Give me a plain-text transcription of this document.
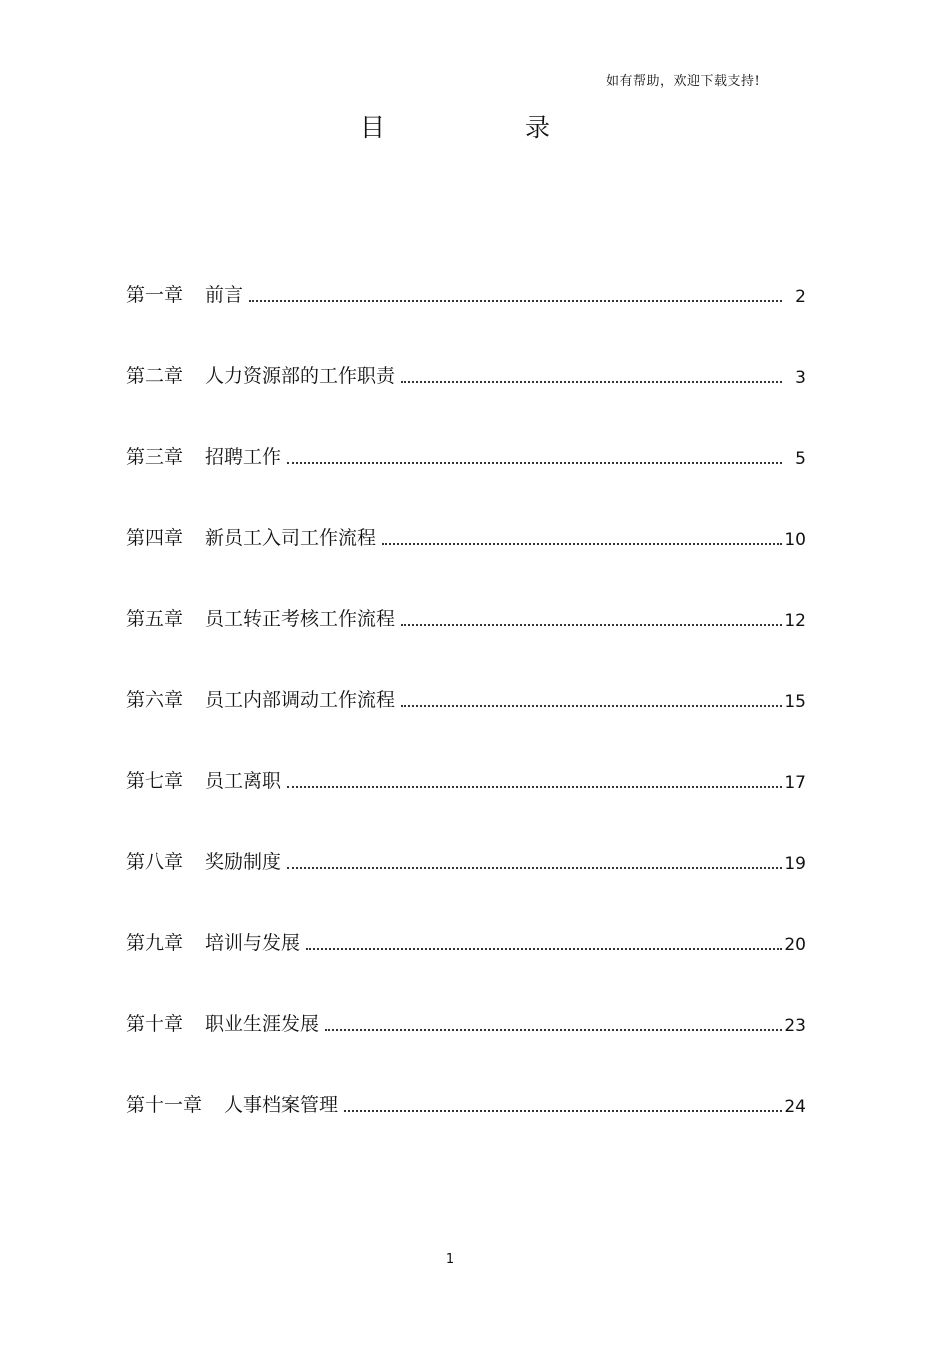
如有帮助，欢迎下载支持!
目	录
第一章 前言	2
第二章 人力资源部的工作职责	3
第三章 招聘工作	5
第四章 新员工入司工作流程	10
第五章 员工转正考核工作流程	12
第六章 员工内部调动工作流程	15
第七章 员工离职	17
第八章 奖励制度	19
第九章 培训与发展	20
第十章 职业生涯发展	23
第十一章 人事档案管理	24
1
